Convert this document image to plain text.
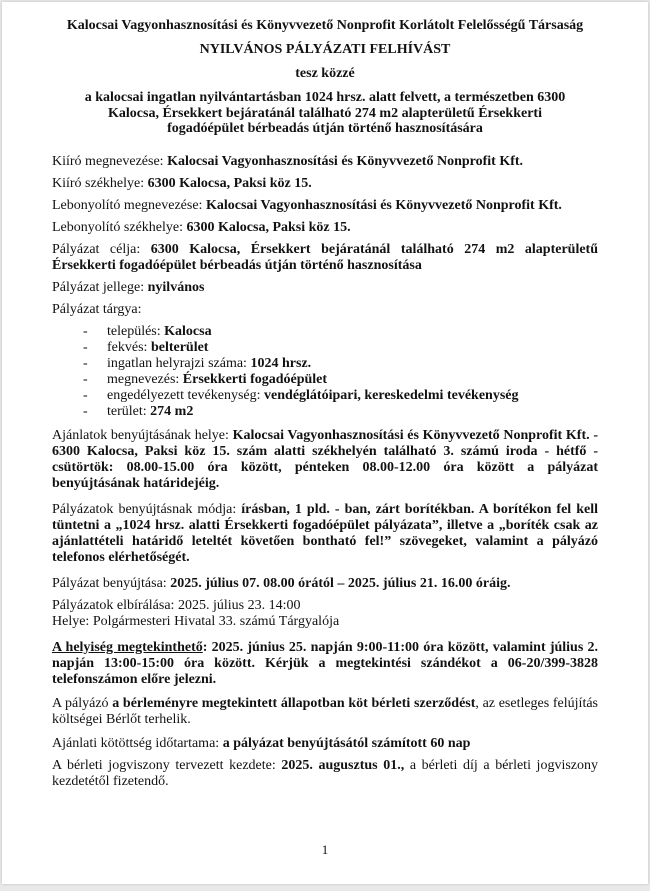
Kalocsai Vagyonhasznosítási és Könyvvezető Nonprofit Korlátolt Felelősségű Társaság

NYILVÁNOS PÁLYÁZATI FELHÍVÁST

tesz közzé

a kalocsai ingatlan nyilvántartásban 1024 hrsz. alatt felvett, a természetben 6300 Kalocsa, Érsekkert bejáratánál található 274 m2 alapterületű Érsekkerti fogadóépület bérbeadás útján történő hasznosítására

Kiíró megnevezése: Kalocsai Vagyonhasznosítási és Könyvvezető Nonprofit Kft.

Kiíró székhelye: 6300 Kalocsa, Paksi köz 15.

Lebonyolító megnevezése: Kalocsai Vagyonhasznosítási és Könyvvezető Nonprofit Kft.

Lebonyolító székhelye: 6300 Kalocsa, Paksi köz 15.

Pályázat célja: 6300 Kalocsa, Érsekkert bejáratánál található 274 m2 alapterületű Érsekkerti fogadóépület bérbeadás útján történő hasznosítása

Pályázat jellege: nyilvános

Pályázat tárgya:

- település: Kalocsa
- fekvés: belterület
- ingatlan helyrajzi száma: 1024 hrsz.
- megnevezés: Érsekkerti fogadóépület
- engedélyezett tevékenység: vendéglátóipari, kereskedelmi tevékenység
- terület: 274 m2

Ajánlatok benyújtásának helye: Kalocsai Vagyonhasznosítási és Könyvvezető Nonprofit Kft. - 6300 Kalocsa, Paksi köz 15. szám alatti székhelyén található 3. számú iroda - hétfő - csütörtök: 08.00-15.00 óra között, pénteken 08.00-12.00 óra között a pályázat benyújtásának határidejéig.

Pályázatok benyújtásnak módja: írásban, 1 pld. - ban, zárt borítékban. A borítékon fel kell tüntetni a „1024 hrsz. alatti Érsekkerti fogadóépület pályázata”, illetve a „boríték csak az ajánlattételi határidő leteltét követően bontható fel!” szövegeket, valamint a pályázó telefonos elérhetőségét.

Pályázat benyújtása: 2025. július 07. 08.00 órától – 2025. július 21. 16.00 óráig.

Pályázatok elbírálása: 2025. július 23. 14:00

Helye: Polgármesteri Hivatal 33. számú Tárgyalója

A helyiség megtekinthető: 2025. június 25. napján 9:00-11:00 óra között, valamint július 2. napján 13:00-15:00 óra között. Kérjük a megtekintési szándékot a 06-20/399-3828 telefonszámon előre jelezni.

A pályázó a bérleményre megtekintett állapotban köt bérleti szerződést, az esetleges felújítás költségei Bérlőt terhelik.

Ajánlati kötöttség időtartama: a pályázat benyújtásától számított 60 nap

A bérleti jogviszony tervezett kezdete: 2025. augusztus 01., a bérleti díj a bérleti jogviszony kezdetétől fizetendő.

1
